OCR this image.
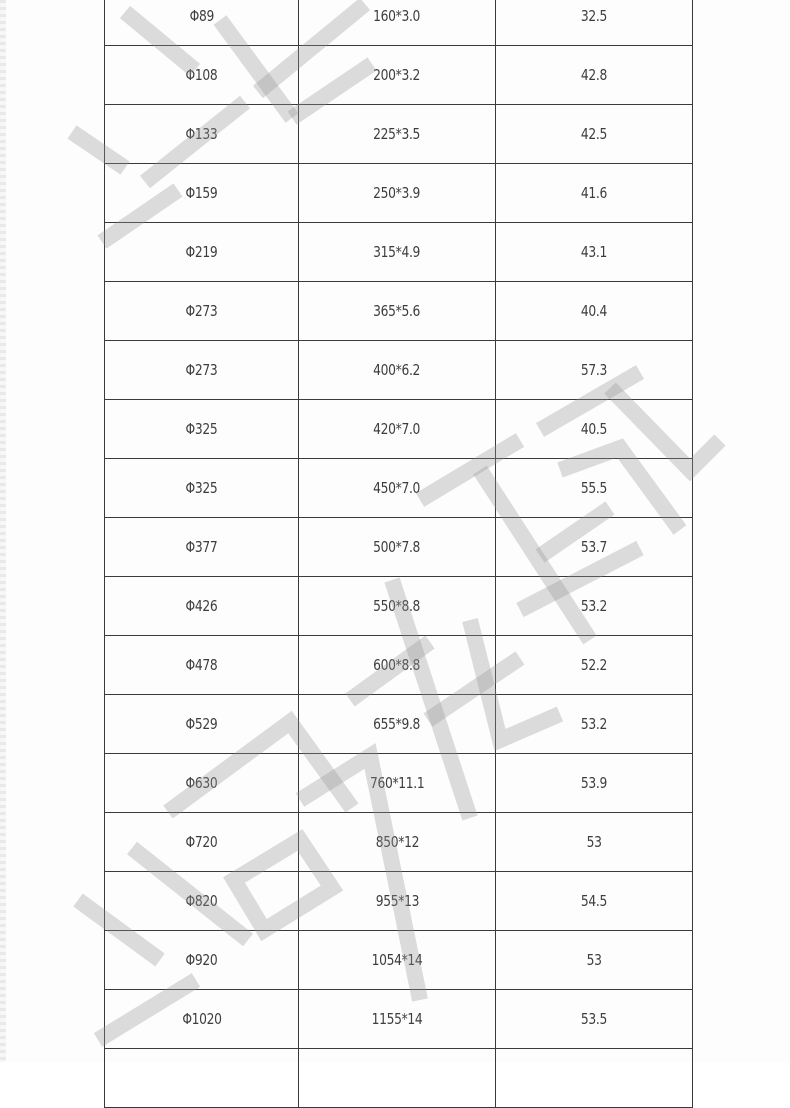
Φ89	160*3.0	32.5
Φ108	200*3.2	42.8
Φ133	225*3.5	42.5
Φ159	250*3.9	41.6
Φ219	315*4.9	43.1
Φ273	365*5.6	40.4
Φ273	400*6.2	57.3
Φ325	420*7.0	40.5
Φ325	450*7.0	55.5
Φ377	500*7.8	53.7
Φ426	550*8.8	53.2
Φ478	600*8.8	52.2
Φ529	655*9.8	53.2
Φ630	760*11.1	53.9
Φ720	850*12	53
Φ820	955*13	54.5
Φ920	1054*14	53
Φ1020	1155*14	53.5
